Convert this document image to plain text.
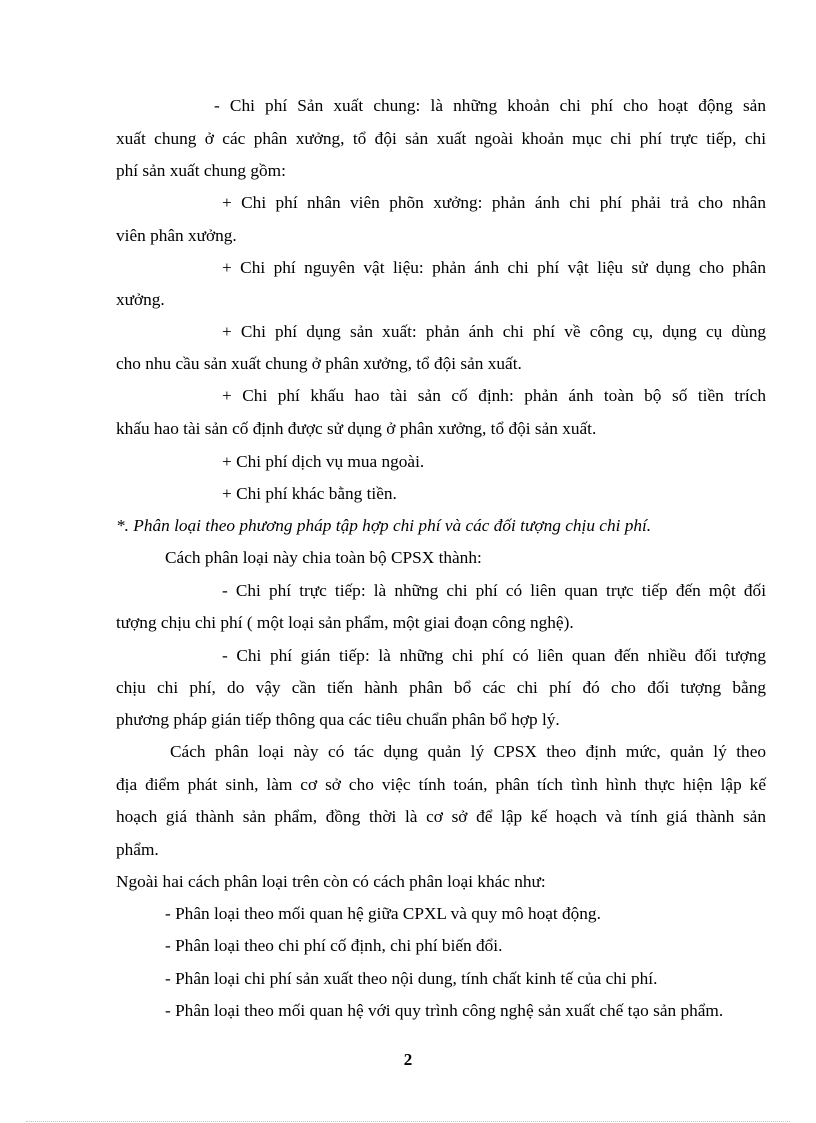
- Chi phí Sản xuất chung: là những khoản chi phí cho hoạt động sản
xuất chung ở các phân xưởng, tổ đội sản xuất ngoài khoản mục chi phí trực tiếp, chi
phí sản xuất chung gồm:
+ Chi phí nhân viên phõn xưởng: phản ánh chi phí phải trả cho nhân
viên phân xưởng.
+ Chi phí nguyên vật liệu: phản ánh chi phí vật liệu sử dụng cho phân
xưởng.
+ Chi phí dụng sản xuất: phản ánh chi phí về công cụ, dụng cụ dùng
cho nhu cầu sản xuất chung ở phân xưởng, tổ đội sản xuất.
+ Chi phí khấu hao tài sản cố định: phản ánh toàn bộ số tiền trích
khấu hao tài sản cố định được sử dụng ở phân xưởng, tổ đội sản xuất.
+ Chi phí dịch vụ mua ngoài.
+ Chi phí khác bằng tiền.
*. Phân loại theo phương pháp tập hợp chi phí và các đối tượng chịu chi phí.
Cách phân loại này chia toàn bộ CPSX thành:
- Chi phí trực tiếp: là những chi phí có liên quan trực tiếp đến một đối
tượng chịu chi phí ( một loại sản phẩm, một giai đoạn công nghệ).
- Chi phí gián tiếp: là những chi phí có liên quan đến nhiều đối tượng
chịu chi phí, do vậy cần tiến hành phân bổ các chi phí đó cho đối tượng bằng
phương pháp gián tiếp thông qua các tiêu chuẩn phân bổ hợp lý.
Cách phân loại này có tác dụng quản lý CPSX theo định mức, quản lý theo
địa điểm phát sinh, làm cơ sở cho việc tính toán, phân tích tình hình thực hiện lập kế
hoạch giá thành sản phẩm, đồng thời là cơ sở để lập kế hoạch và tính giá thành sản
phẩm.
Ngoài hai cách phân loại trên còn có cách phân loại khác như:
- Phân loại theo mối quan hệ giữa CPXL và quy mô hoạt động.
- Phân loại theo chi phí cố định, chi phí biến đổi.
- Phân loại chi phí sản xuất theo nội dung, tính chất kinh tế của chi phí.
- Phân loại theo mối quan hệ với quy trình công nghệ sản xuất chế tạo sản phẩm.
2
